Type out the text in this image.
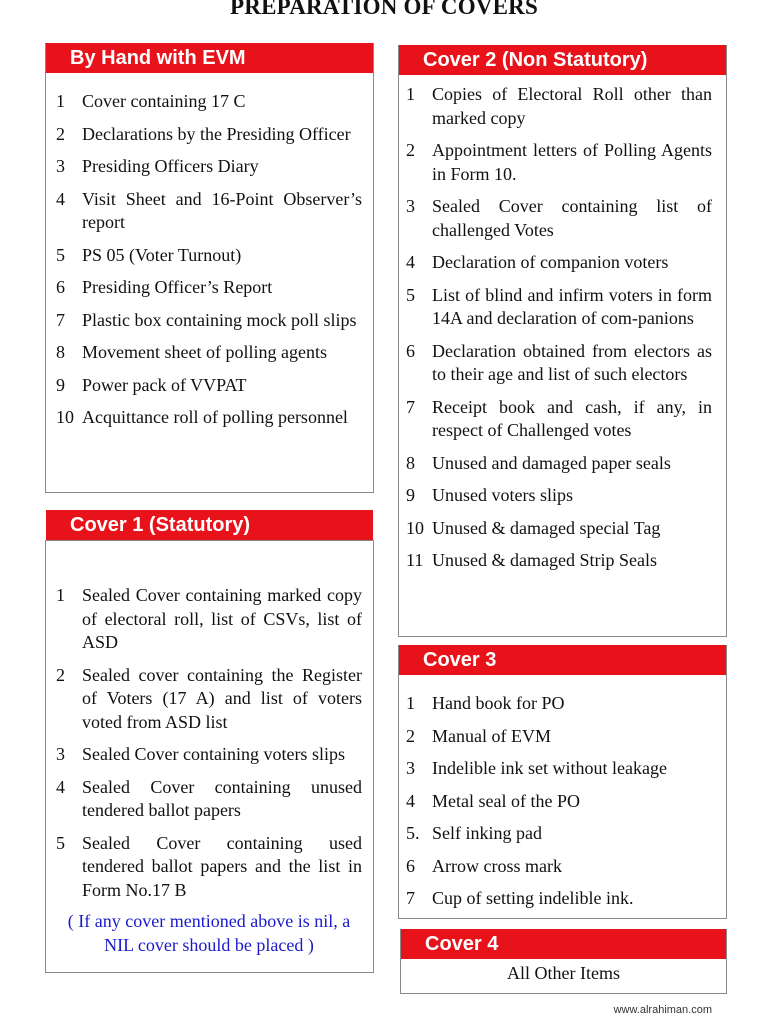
PREPARATION OF COVERS
By Hand with EVM
1 Cover containing 17 C
2 Declarations by the Presiding Officer
3 Presiding Officers Diary
4 Visit Sheet and 16-Point Observer’s report
5 PS 05 (Voter Turnout)
6 Presiding Officer’s Report
7 Plastic box containing mock poll slips
8 Movement sheet of polling agents
9 Power pack of VVPAT
10 Acquittance roll of polling personnel
Cover 1 (Statutory)
1 Sealed Cover containing marked copy of electoral roll, list of CSVs, list of ASD
2 Sealed cover containing the Register of Voters (17 A) and list of voters voted from ASD list
3 Sealed Cover containing voters slips
4 Sealed Cover containing unused tendered ballot papers
5 Sealed Cover containing used tendered ballot papers and the list in Form No.17 B
( If any cover mentioned above is nil, a NIL cover should be placed )
Cover 2 (Non Statutory)
1 Copies of Electoral Roll other than marked copy
2 Appointment letters of Polling Agents in Form 10.
3 Sealed Cover containing list of challenged Votes
4 Declaration of companion voters
5 List of blind and infirm voters in form 14A and declaration of com-panions
6 Declaration obtained from electors as to their age and list of such electors
7 Receipt book and cash, if any, in respect of Challenged votes
8 Unused and damaged paper seals
9 Unused voters slips
10 Unused & damaged special Tag
11 Unused & damaged Strip Seals
Cover 3
1 Hand book for PO
2 Manual of EVM
3 Indelible ink set without leakage
4 Metal seal of the PO
5. Self inking pad
6 Arrow cross mark
7 Cup of setting indelible ink.
Cover 4
All Other Items
www.alrahiman.com
